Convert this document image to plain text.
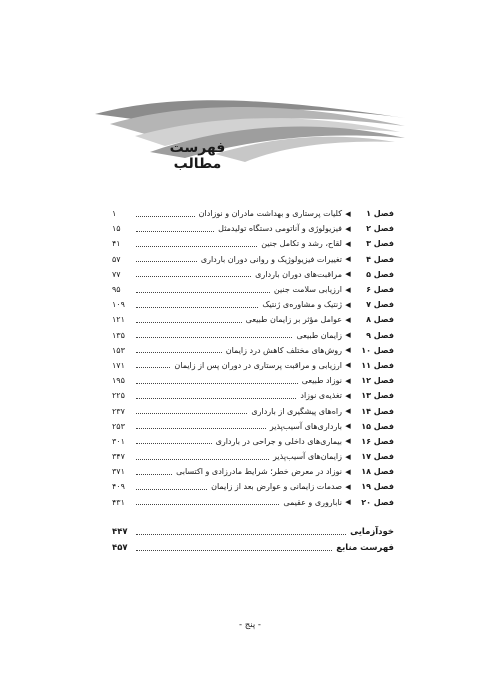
فهرست مطالب
فصل ۱
◀
کلیات پرستاری و بهداشت مادران و نوزادان
۱
فصل ۲
◀
فیزیولوژی و آناتومی دستگاه تولیدمثل
۱۵
فصل ۳
◀
لقاح، رشد و تکامل جنین
۴۱
فصل ۴
◀
تغییرات فیزیولوژیک و روانی دوران بارداری
۵۷
فصل ۵
◀
مراقبت‌های دوران بارداری
۷۷
فصل ۶
◀
ارزیابی سلامت جنین
۹۵
فصل ۷
◀
ژنتیک و مشاوره‌ی ژنتیک
۱۰۹
فصل ۸
◀
عوامل مؤثر بر زایمان طبیعی
۱۲۱
فصل ۹
◀
زایمان طبیعی
۱۳۵
فصل ۱۰
◀
روش‌های مختلف کاهش درد زایمان
۱۵۳
فصل ۱۱
◀
ارزیابی و مراقبت پرستاری در دوران پس از زایمان
۱۷۱
فصل ۱۲
◀
نوزاد طبیعی
۱۹۵
فصل ۱۳
◀
تغذیه‌ی نوزاد
۲۲۵
فصل ۱۴
◀
راه‌های پیشگیری از بارداری
۲۳۷
فصل ۱۵
◀
بارداری‌های آسیب‌پذیر
۲۵۳
فصل ۱۶
◀
بیماری‌های داخلی و جراحی در بارداری
۳۰۱
فصل ۱۷
◀
زایمان‌های آسیب‌پذیر
۳۴۷
فصل ۱۸
◀
نوزاد در معرض خطر؛ شرایط مادرزادی و اکتسابی
۳۷۱
فصل ۱۹
◀
صدمات زایمانی و عوارض بعد از زایمان
۴۰۹
فصل ۲۰
◀
ناباروری و عقیمی
۴۳۱
خودآزمایی
۴۴۷
فهرست منابع
۴۵۷
- پنج -
